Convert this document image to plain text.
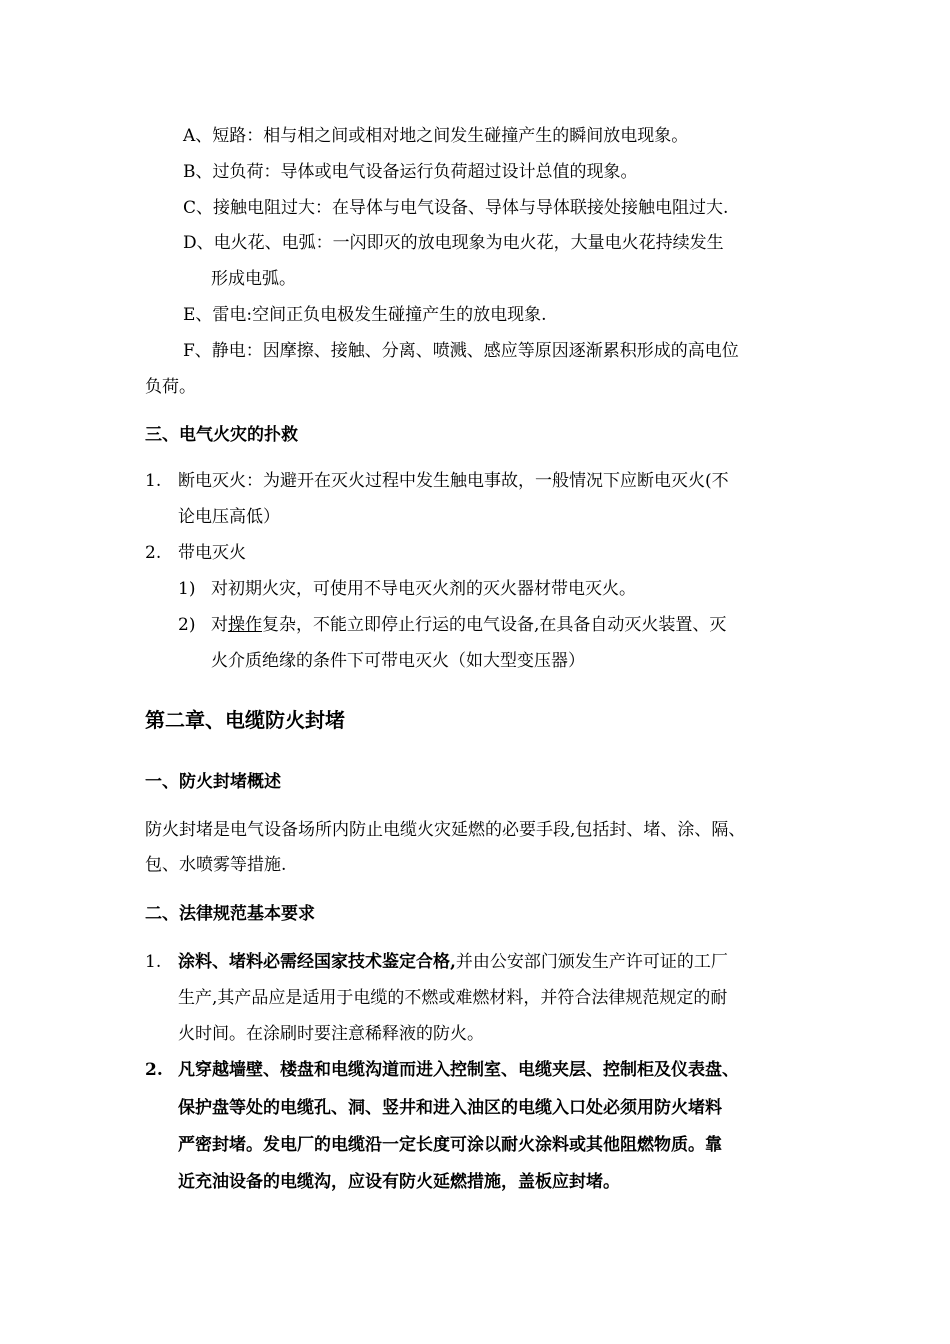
A、短路：相与相之间或相对地之间发生碰撞产生的瞬间放电现象。
B、过负荷：导体或电气设备运行负荷超过设计总值的现象。
C、接触电阻过大：在导体与电气设备、导体与导体联接处接触电阻过大.
D、电火花、电弧：一闪即灭的放电现象为电火花，大量电火花持续发生
形成电弧。
E、雷电:空间正负电极发生碰撞产生的放电现象.
F、静电：因摩擦、接触、分离、喷溅、感应等原因逐渐累积形成的高电位
负荷。
三、电气火灾的扑救
1. 断电灭火：为避开在灭火过程中发生触电事故，一般情况下应断电灭火(不
论电压高低）
2. 带电灭火
1) 对初期火灾，可使用不导电灭火剂的灭火器材带电灭火。
2) 对操作复杂，不能立即停止行运的电气设备,在具备自动灭火装置、灭
火介质绝缘的条件下可带电灭火（如大型变压器）
第二章、电缆防火封堵
一、防火封堵概述
防火封堵是电气设备场所内防止电缆火灾延燃的必要手段,包括封、堵、涂、隔、
包、水喷雾等措施.
二、法律规范基本要求
1. 涂料、堵料必需经国家技术鉴定合格,并由公安部门颁发生产许可证的工厂
生产,其产品应是适用于电缆的不燃或难燃材料，并符合法律规范规定的耐
火时间。在涂刷时要注意稀释液的防火。
2. 凡穿越墙壁、楼盘和电缆沟道而进入控制室、电缆夹层、控制柜及仪表盘、
保护盘等处的电缆孔、洞、竖井和进入油区的电缆入口处必须用防火堵料
严密封堵。发电厂的电缆沿一定长度可涂以耐火涂料或其他阻燃物质。靠
近充油设备的电缆沟，应设有防火延燃措施，盖板应封堵。
